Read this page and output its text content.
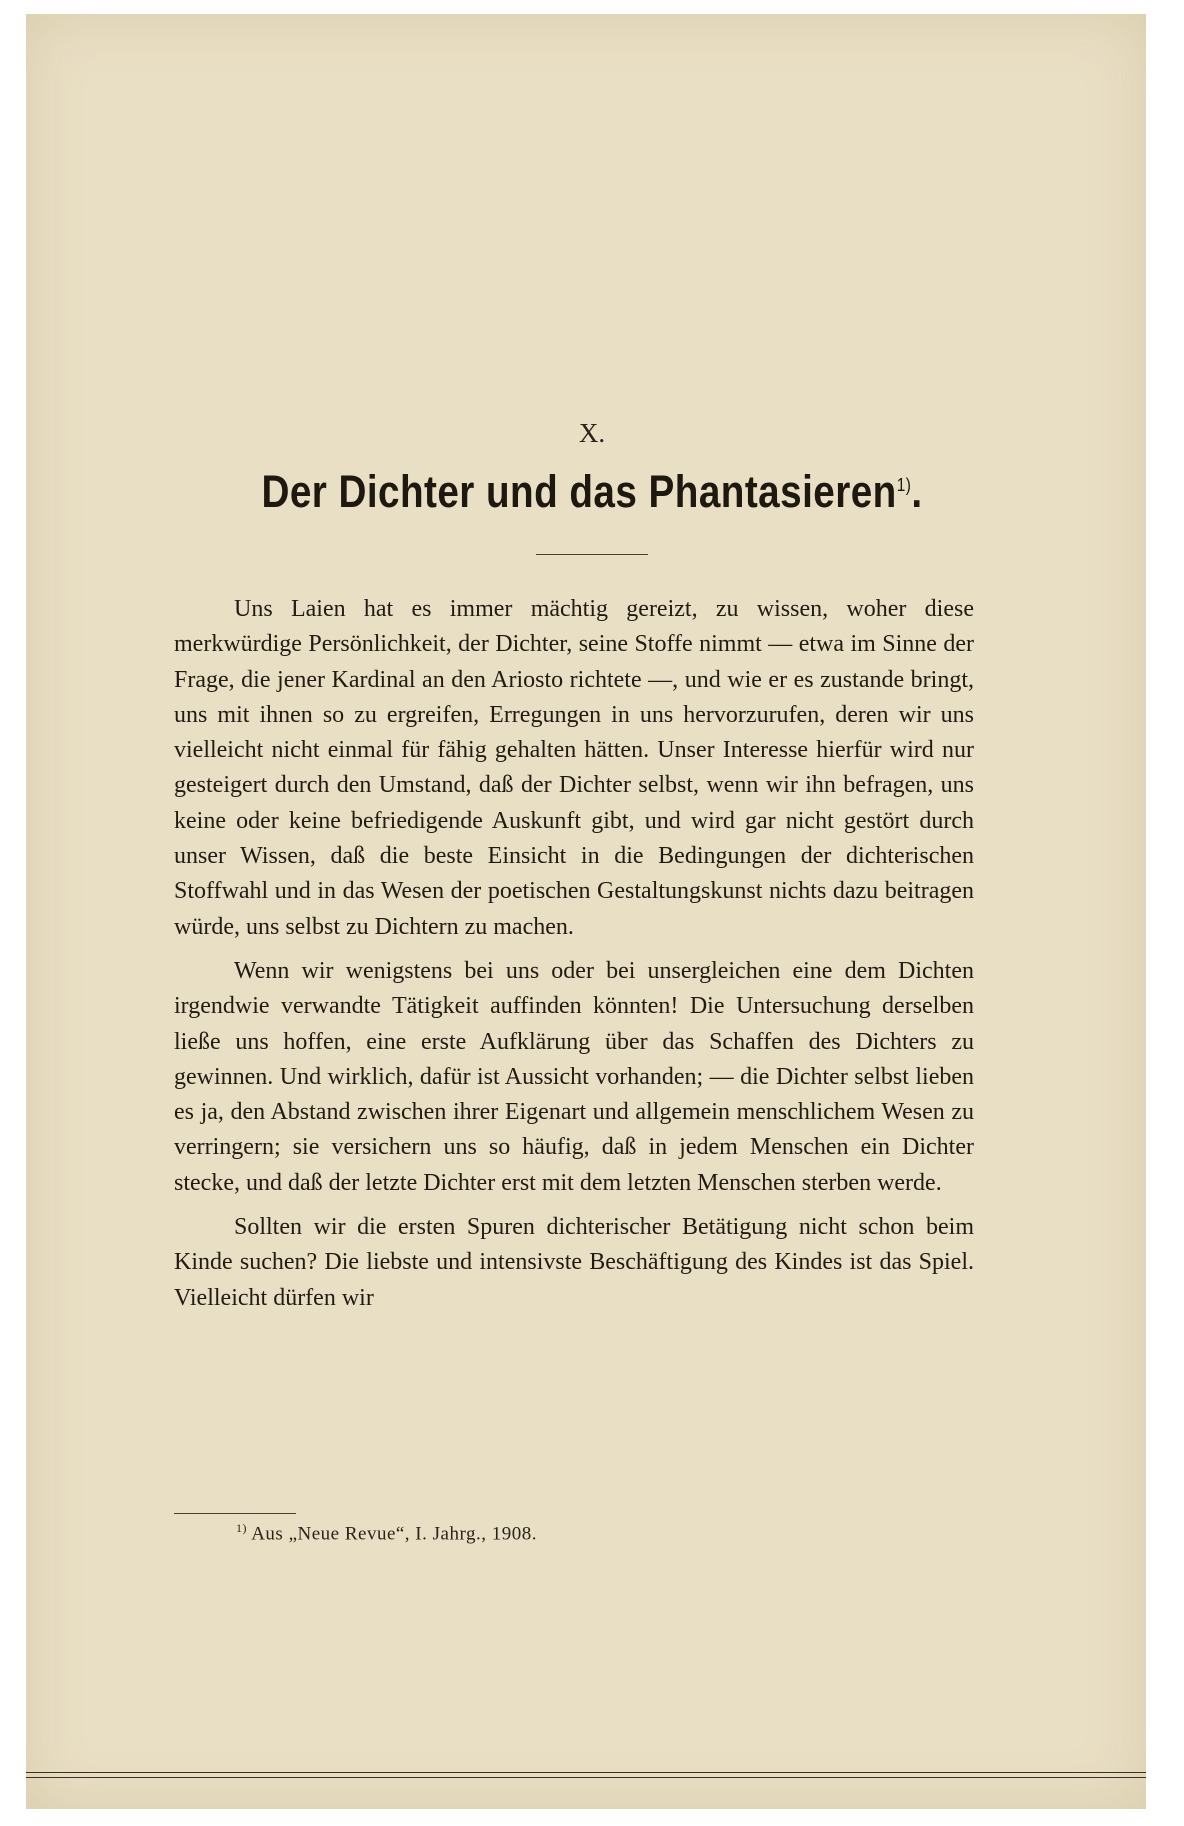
X.
Der Dichter und das Phantasieren$^{1)}$.

Uns Laien hat es immer mächtig gereizt, zu wissen, woher diese merkwürdige Persönlichkeit, der Dichter, seine Stoffe nimmt — etwa im Sinne der Frage, die jener Kardinal an den Ariosto richtete —, und wie er es zustande bringt, uns mit ihnen so zu ergreifen, Erregungen in uns hervorzurufen, deren wir uns vielleicht nicht einmal für fähig gehalten hätten. Unser Interesse hierfür wird nur gesteigert durch den Umstand, daß der Dichter selbst, wenn wir ihn befragen, uns keine oder keine befriedigende Auskunft gibt, und wird gar nicht gestört durch unser Wissen, daß die beste Einsicht in die Bedingungen der dichterischen Stoffwahl und in das Wesen der poetischen Gestaltungskunst nichts dazu beitragen würde, uns selbst zu Dichtern zu machen.

Wenn wir wenigstens bei uns oder bei unsergleichen eine dem Dichten irgendwie verwandte Tätigkeit auffinden könnten! Die Untersuchung derselben ließe uns hoffen, eine erste Aufklärung über das Schaffen des Dichters zu gewinnen. Und wirklich, dafür ist Aussicht vorhanden; — die Dichter selbst lieben es ja, den Abstand zwischen ihrer Eigenart und allgemein menschlichem Wesen zu verringern; sie versichern uns so häufig, daß in jedem Menschen ein Dichter stecke, und daß der letzte Dichter erst mit dem letzten Menschen sterben werde.

Sollten wir die ersten Spuren dichterischer Betätigung nicht schon beim Kinde suchen? Die liebste und intensivste Beschäftigung des Kindes ist das Spiel. Vielleicht dürfen wir

$^{1)}$ Aus „Neue Revue“, I. Jahrg., 1908.
